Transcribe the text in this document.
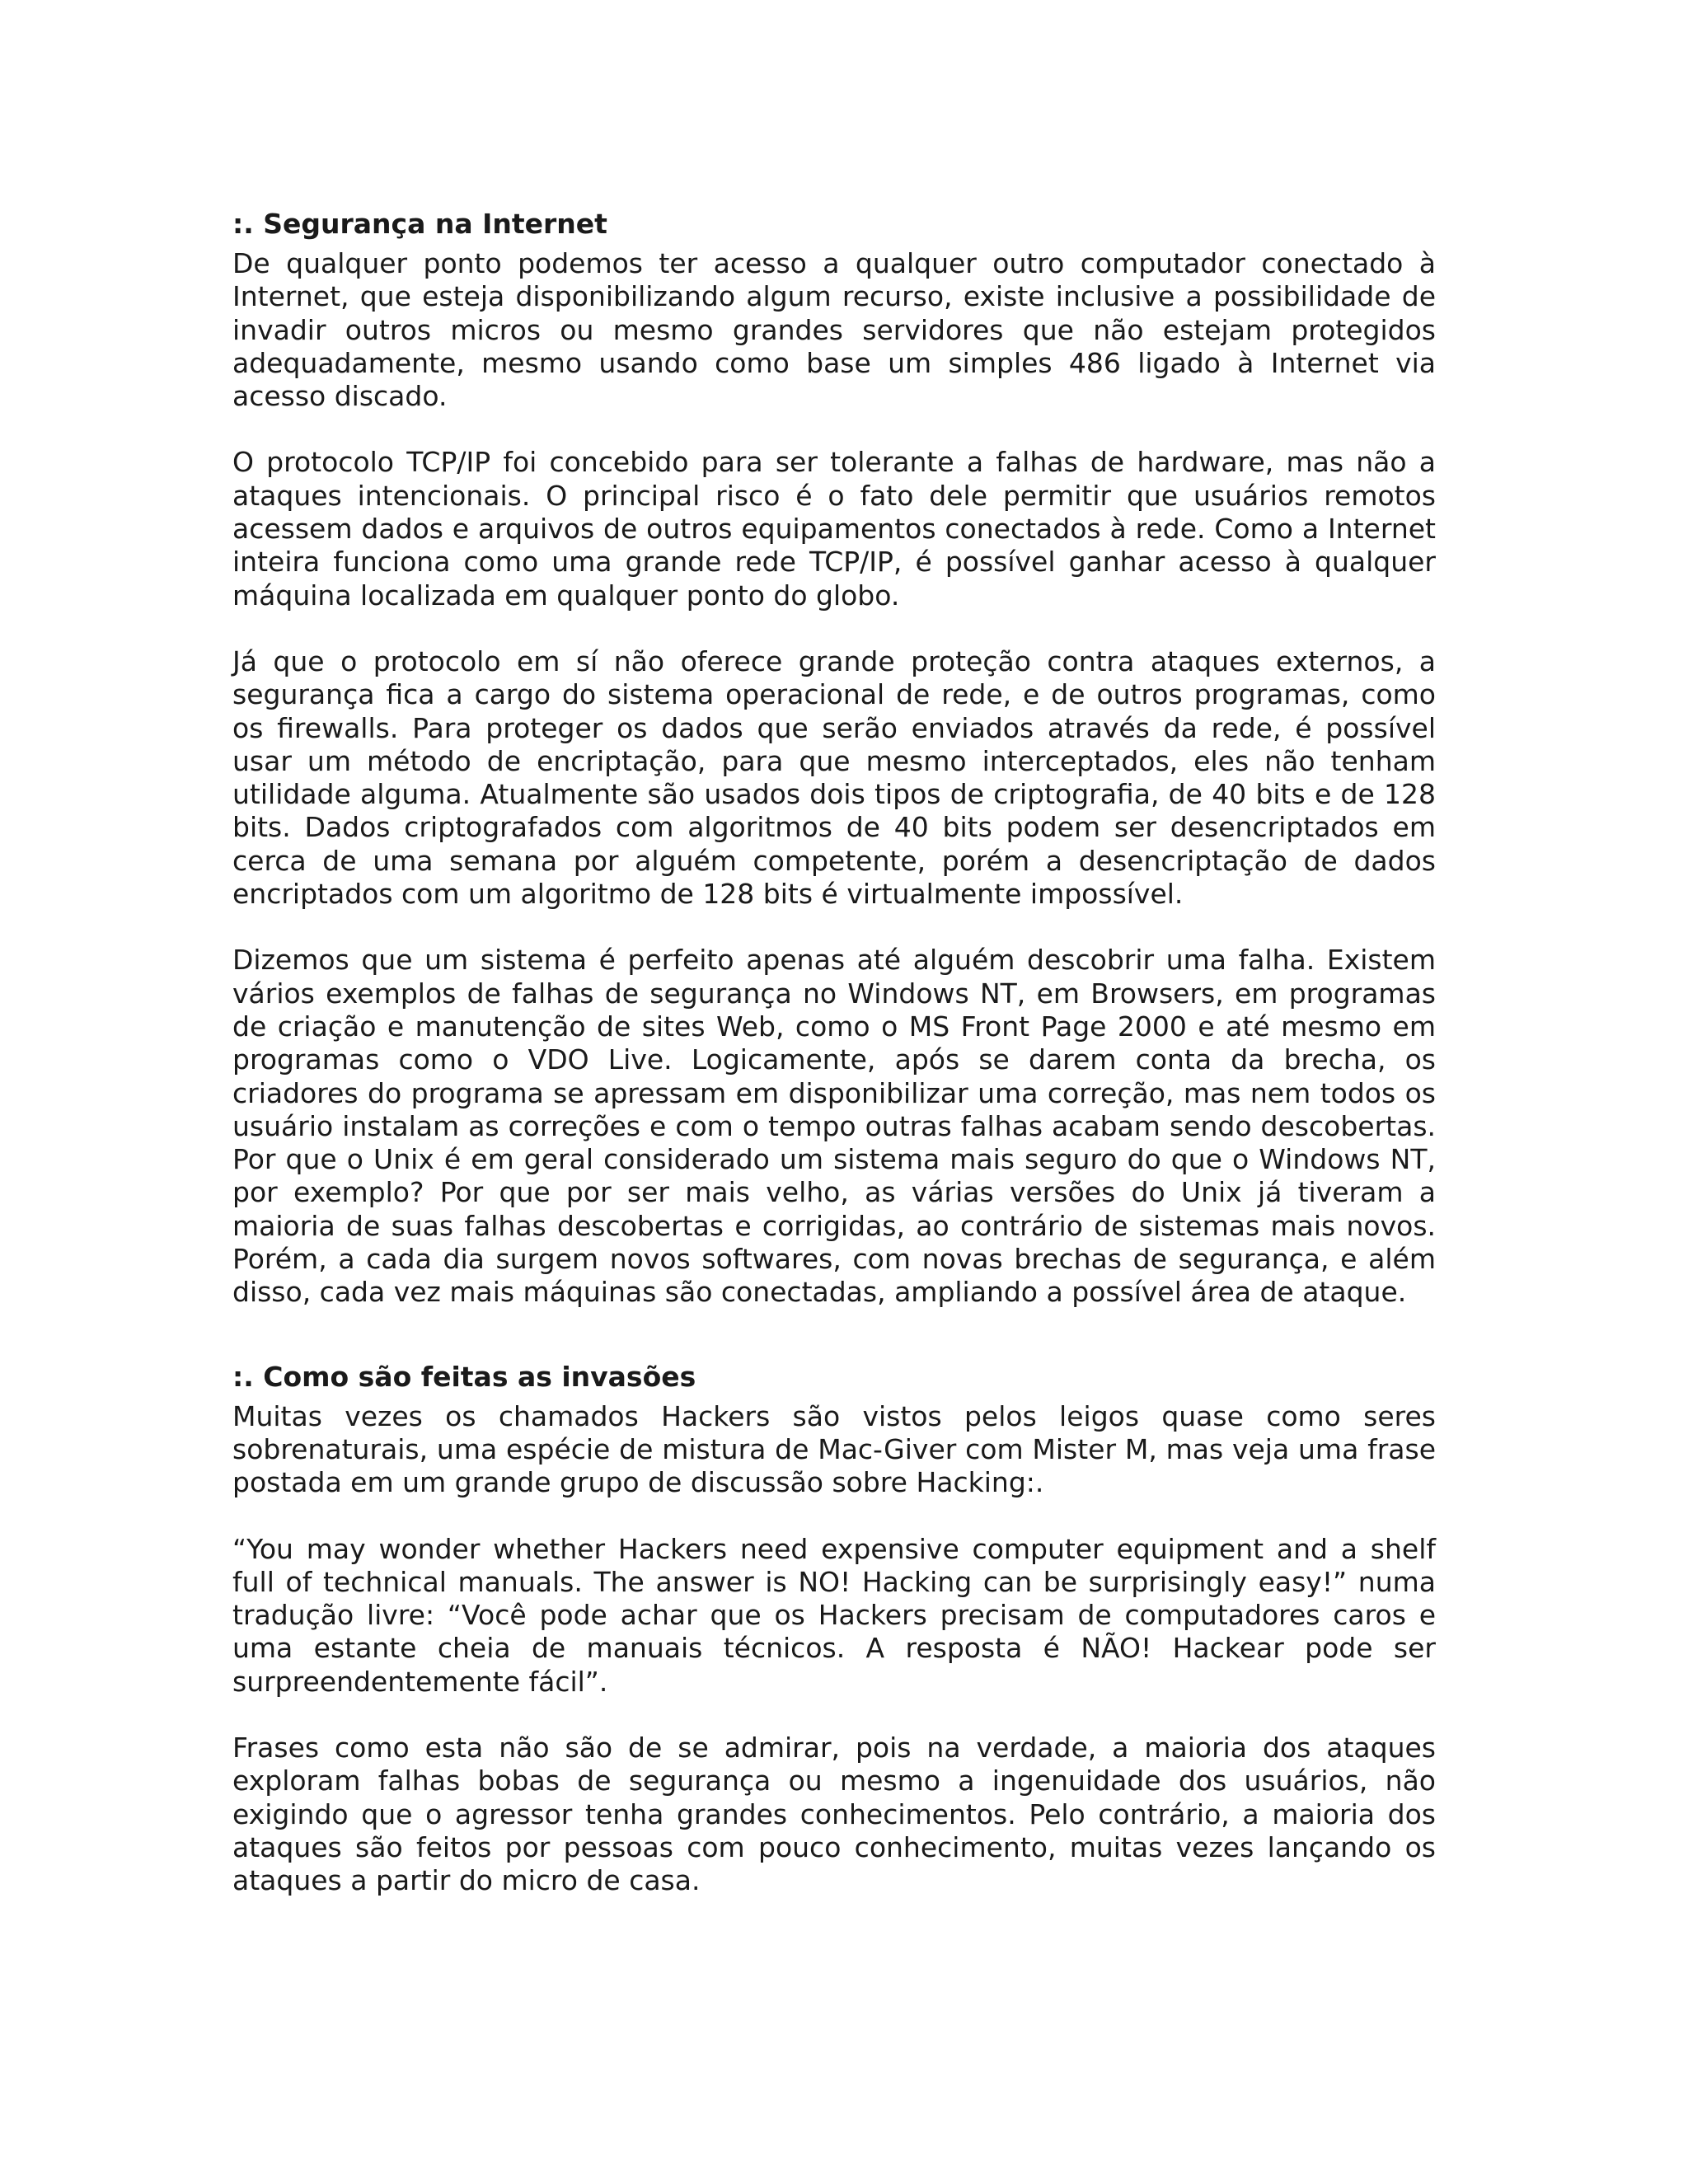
:. Segurança na Internet

De qualquer ponto podemos ter acesso a qualquer outro computador conectado à Internet, que esteja disponibilizando algum recurso, existe inclusive a possibilidade de invadir outros micros ou mesmo grandes servidores que não estejam protegidos adequadamente, mesmo usando como base um simples 486 ligado à Internet via acesso discado.

O protocolo TCP/IP foi concebido para ser tolerante a falhas de hardware, mas não a ataques intencionais. O principal risco é o fato dele permitir que usuários remotos acessem dados e arquivos de outros equipamentos conectados à rede. Como a Internet inteira funciona como uma grande rede TCP/IP, é possível ganhar acesso à qualquer máquina localizada em qualquer ponto do globo.

Já que o protocolo em sí não oferece grande proteção contra ataques externos, a segurança fica a cargo do sistema operacional de rede, e de outros programas, como os firewalls. Para proteger os dados que serão enviados através da rede, é possível usar um método de encriptação, para que mesmo interceptados, eles não tenham utilidade alguma. Atualmente são usados dois tipos de criptografia, de 40 bits e de 128 bits. Dados criptografados com algoritmos de 40 bits podem ser desencriptados em cerca de uma semana por alguém competente, porém a desencriptação de dados encriptados com um algoritmo de 128 bits é virtualmente impossível.

Dizemos que um sistema é perfeito apenas até alguém descobrir uma falha. Existem vários exemplos de falhas de segurança no Windows NT, em Browsers, em programas de criação e manutenção de sites Web, como o MS Front Page 2000 e até mesmo em programas como o VDO Live. Logicamente, após se darem conta da brecha, os criadores do programa se apressam em disponibilizar uma correção, mas nem todos os usuário instalam as correções e com o tempo outras falhas acabam sendo descobertas. Por que o Unix é em geral considerado um sistema mais seguro do que o Windows NT, por exemplo? Por que por ser mais velho, as várias versões do Unix já tiveram a maioria de suas falhas descobertas e corrigidas, ao contrário de sistemas mais novos. Porém, a cada dia surgem novos softwares, com novas brechas de segurança, e além disso, cada vez mais máquinas são conectadas, ampliando a possível área de ataque.

:. Como são feitas as invasões

Muitas vezes os chamados Hackers são vistos pelos leigos quase como seres sobrenaturais, uma espécie de mistura de Mac-Giver com Mister M, mas veja uma frase postada em um grande grupo de discussão sobre Hacking:.

“You may wonder whether Hackers need expensive computer equipment and a shelf full of technical manuals. The answer is NO! Hacking can be surprisingly easy!” numa tradução livre: “Você pode achar que os Hackers precisam de computadores caros e uma estante cheia de manuais técnicos. A resposta é NÃO! Hackear pode ser surpreendentemente fácil”.

Frases como esta não são de se admirar, pois na verdade, a maioria dos ataques exploram falhas bobas de segurança ou mesmo a ingenuidade dos usuários, não exigindo que o agressor tenha grandes conhecimentos. Pelo contrário, a maioria dos ataques são feitos por pessoas com pouco conhecimento, muitas vezes lançando os ataques a partir do micro de casa.
